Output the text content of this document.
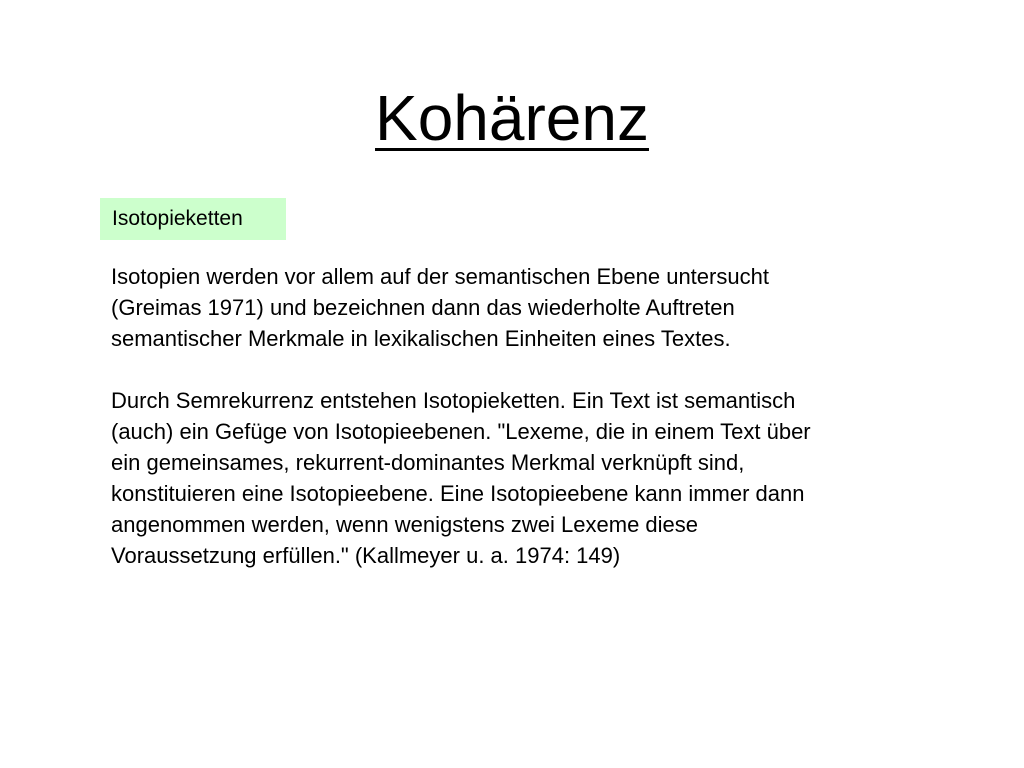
Kohärenz
Isotopieketten

Isotopien werden vor allem auf der semantischen Ebene untersucht
(Greimas 1971) und bezeichnen dann das wiederholte Auftreten
semantischer Merkmale in lexikalischen Einheiten eines Textes.

Durch Semrekurrenz entstehen Isotopieketten. Ein Text ist semantisch
(auch) ein Gefüge von Isotopieebenen. "Lexeme, die in einem Text über
ein gemeinsames, rekurrent-dominantes Merkmal verknüpft sind,
konstituieren eine Isotopieebene. Eine Isotopieebene kann immer dann
angenommen werden, wenn wenigstens zwei Lexeme diese
Voraussetzung erfüllen." (Kallmeyer u. a. 1974: 149)
